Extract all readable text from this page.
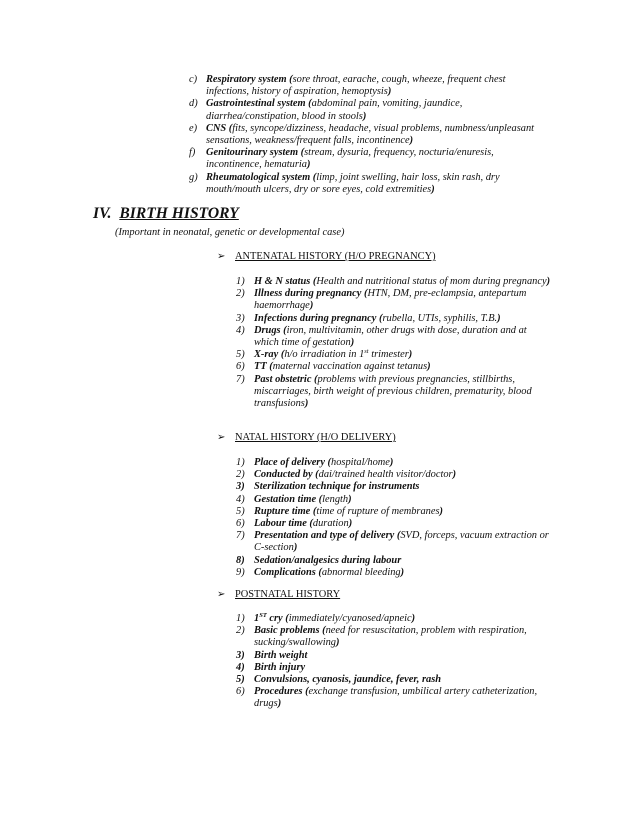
c) Respiratory system (sore throat, earache, cough, wheeze, frequent chest infections, history of aspiration, hemoptysis)
d) Gastrointestinal system (abdominal pain, vomiting, jaundice, diarrhea/constipation, blood in stools)
e) CNS (fits, syncope/dizziness, headache, visual problems, numbness/unpleasant sensations, weakness/frequent falls, incontinence)
f) Genitourinary system (stream, dysuria, frequency, nocturia/enuresis, incontinence, hematuria)
g) Rheumatological system (limp, joint swelling, hair loss, skin rash, dry mouth/mouth ulcers, dry or sore eyes, cold extremities)
IV. BIRTH HISTORY
(Important in neonatal, genetic or developmental case)
➢ ANTENATAL HISTORY (H/O PREGNANCY)
1) H & N status (Health and nutritional status of mom during pregnancy)
2) Illness during pregnancy (HTN, DM, pre-eclampsia, antepartum haemorrhage)
3) Infections during pregnancy (rubella, UTIs, syphilis, T.B.)
4) Drugs (iron, multivitamin, other drugs with dose, duration and at which time of gestation)
5) X-ray (h/o irradiation in 1st trimester)
6) TT (maternal vaccination against tetanus)
7) Past obstetric (problems with previous pregnancies, stillbirths, miscarriages, birth weight of previous children, prematurity, blood transfusions)
➢ NATAL HISTORY (H/O DELIVERY)
1) Place of delivery (hospital/home)
2) Conducted by (dai/trained health visitor/doctor)
3) Sterilization technique for instruments
4) Gestation time (length)
5) Rupture time (time of rupture of membranes)
6) Labour time (duration)
7) Presentation and type of delivery (SVD, forceps, vacuum extraction or C-section)
8) Sedation/analgesics during labour
9) Complications (abnormal bleeding)
➢ POSTNATAL HISTORY
1) 1ST cry (immediately/cyanosed/apneic)
2) Basic problems (need for resuscitation, problem with respiration, sucking/swallowing)
3) Birth weight
4) Birth injury
5) Convulsions, cyanosis, jaundice, fever, rash
6) Procedures (exchange transfusion, umbilical artery catheterization, drugs)
